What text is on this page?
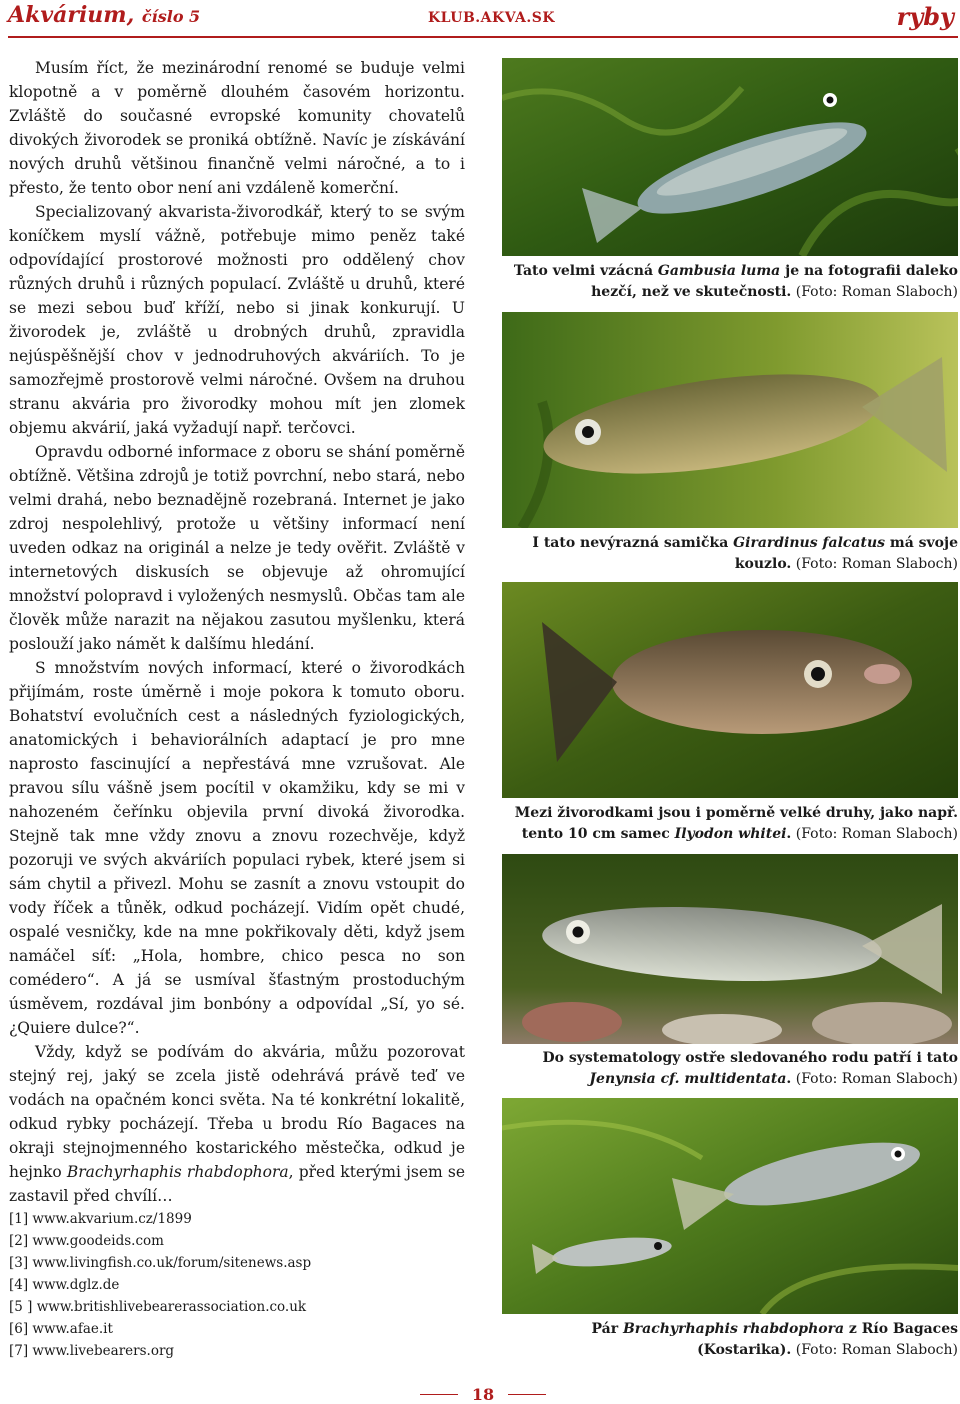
Akvárium, číslo 5	KLUB.AKVA.SK	ryby

Musím říct, že mezinárodní renomé se buduje velmi klopotně a v poměrně dlouhém časovém horizontu. Zvláště do současné evropské komunity chovatelů divokých živorodek se proniká obtížně. Navíc je získávání nových druhů většinou finančně velmi náročné, a to i přesto, že tento obor není ani vzdáleně komerční.

Specializovaný akvarista-živorodkář, který to se svým koníčkem myslí vážně, potřebuje mimo peněz také odpovídající prostorové možnosti pro oddělený chov různých druhů i různých populací. Zvláště u druhů, které se mezi sebou buď kříží, nebo si jinak konkurují. U živorodek je, zvláště u drobných druhů, zpravidla nejúspěšnější chov v jednodruhových akváriích. To je samozřejmě prostorově velmi náročné. Ovšem na druhou stranu akvária pro živorodky mohou mít jen zlomek objemu akvárií, jaká vyžadují např. terčovci.

Opravdu odborné informace z oboru se shání poměrně obtížně. Většina zdrojů je totiž povrchní, nebo stará, nebo velmi drahá, nebo beznadějně rozebraná. Internet je jako zdroj nespolehlivý, protože u většiny informací není uveden odkaz na originál a nelze je tedy ověřit. Zvláště v internetových diskusích se objevuje až ohromující množství polopravd i vyložených nesmyslů. Občas tam ale člověk může narazit na nějakou zasutou myšlenku, která poslouží jako námět k dalšímu hledání.

S množstvím nových informací, které o živorodkách přijímám, roste úměrně i moje pokora k tomuto oboru. Bohatství evolučních cest a následných fyziologických, anatomických i behaviorálních adaptací je pro mne naprosto fascinující a nepřestává mne vzrušovat. Ale pravou sílu vášně jsem pocítil v okamžiku, kdy se mi v nahozeném čeřínku objevila první divoká živorodka. Stejně tak mne vždy znovu a znovu rozechvěje, když pozoruji ve svých akváriích populaci rybek, které jsem si sám chytil a přivezl. Mohu se zasnít a znovu vstoupit do vody říček a tůněk, odkud pocházejí. Vidím opět chudé, ospalé vesničky, kde na mne pokřikovaly děti, když jsem namáčel síť: „Hola, hombre, chico pesca no son comédero“. A já se usmíval šťastným prostoduchým úsměvem, rozdával jim bonbóny a odpovídal „Sí, yo sé. ¿Quiere dulce?“.

Vždy, když se podívám do akvária, můžu pozorovat stejný rej, jaký se zcela jistě odehrává právě teď ve vodách na opačném konci světa. Na té konkrétní lokalitě, odkud rybky pocházejí. Třeba u brodu Río Bagaces na okraji stejnojmenného kostarického městečka, odkud je hejnko Brachyrhaphis rhabdophora, před kterými jsem se zastavil před chvílí…

[1] www.akvarium.cz/1899
[2] www.goodeids.com
[3] www.livingfish.co.uk/forum/sitenews.asp
[4] www.dglz.de
[5 ] www.britishlivebearerassociation.co.uk
[6] www.afae.it
[7] www.livebearers.org
Tato velmi vzácná Gambusia luma je na fotografii daleko hezčí, než ve skutečnosti. (Foto: Roman Slaboch)
I tato nevýrazná samička Girardinus falcatus má svoje kouzlo. (Foto: Roman Slaboch)
Mezi živorodkami jsou i poměrně velké druhy, jako např. tento 10 cm samec Ilyodon whitei. (Foto: Roman Slaboch)
Do systematology ostře sledovaného rodu patří i tato Jenynsia cf. multidentata. (Foto: Roman Slaboch)
Pár Brachyrhaphis rhabdophora z Río Bagaces (Kostarika). (Foto: Roman Slaboch)
18
